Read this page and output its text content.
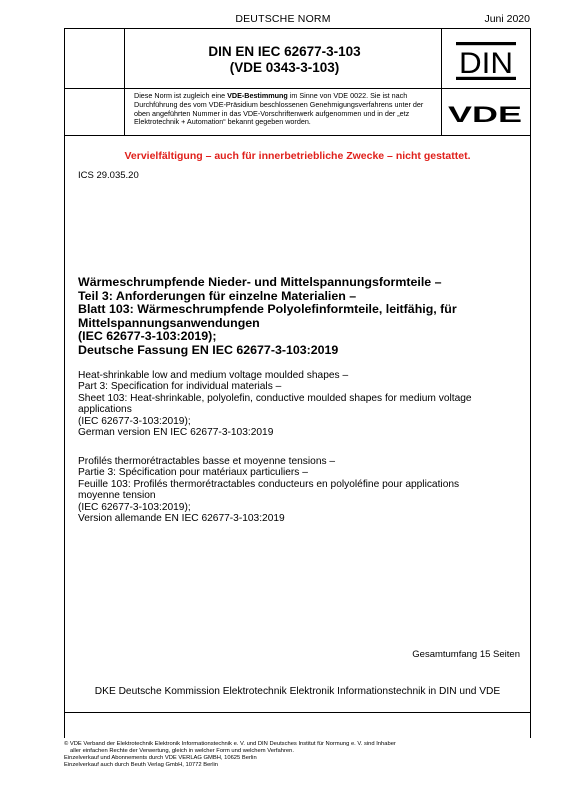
DEUTSCHE NORM	Juni 2020
DIN EN IEC 62677-3-103
(VDE 0343-3-103)	DIN
Diese Norm ist zugleich eine VDE-Bestimmung im Sinne von VDE 0022. Sie ist nach Durchführung des vom VDE-Präsidium beschlossenen Genehmigungsverfahrens unter der oben angeführten Nummer in das VDE-Vorschriftenwerk aufgenommen und in der „etz Elektrotechnik + Automation“ bekannt gegeben worden.	VDE
Vervielfältigung – auch für innerbetriebliche Zwecke – nicht gestattet.
ICS 29.035.20
Wärmeschrumpfende Nieder- und Mittelspannungsformteile –
Teil 3: Anforderungen für einzelne Materialien –
Blatt 103: Wärmeschrumpfende Polyolefinformteile, leitfähig, für
Mittelspannungsanwendungen
(IEC 62677-3-103:2019);
Deutsche Fassung EN IEC 62677-3-103:2019
Heat-shrinkable low and medium voltage moulded shapes –
Part 3: Specification for individual materials –
Sheet 103: Heat-shrinkable, polyolefin, conductive moulded shapes for medium voltage
applications
(IEC 62677-3-103:2019);
German version EN IEC 62677-3-103:2019
Profilés thermorétractables basse et moyenne tensions –
Partie 3: Spécification pour matériaux particuliers –
Feuille 103: Profilés thermorétractables conducteurs en polyoléfine pour applications
moyenne tension
(IEC 62677-3-103:2019);
Version allemande EN IEC 62677-3-103:2019
Gesamtumfang 15 Seiten
DKE Deutsche Kommission Elektrotechnik Elektronik Informationstechnik in DIN und VDE
© VDE Verband der Elektrotechnik Elektronik Informationstechnik e. V. und DIN Deutsches Institut für Normung e. V. sind Inhaber
aller einfachen Rechte der Verwertung, gleich in welcher Form und welchem Verfahren.
Einzelverkauf und Abonnements durch VDE VERLAG GMBH, 10625 Berlin
Einzelverkauf auch durch Beuth Verlag GmbH, 10772 Berlin
